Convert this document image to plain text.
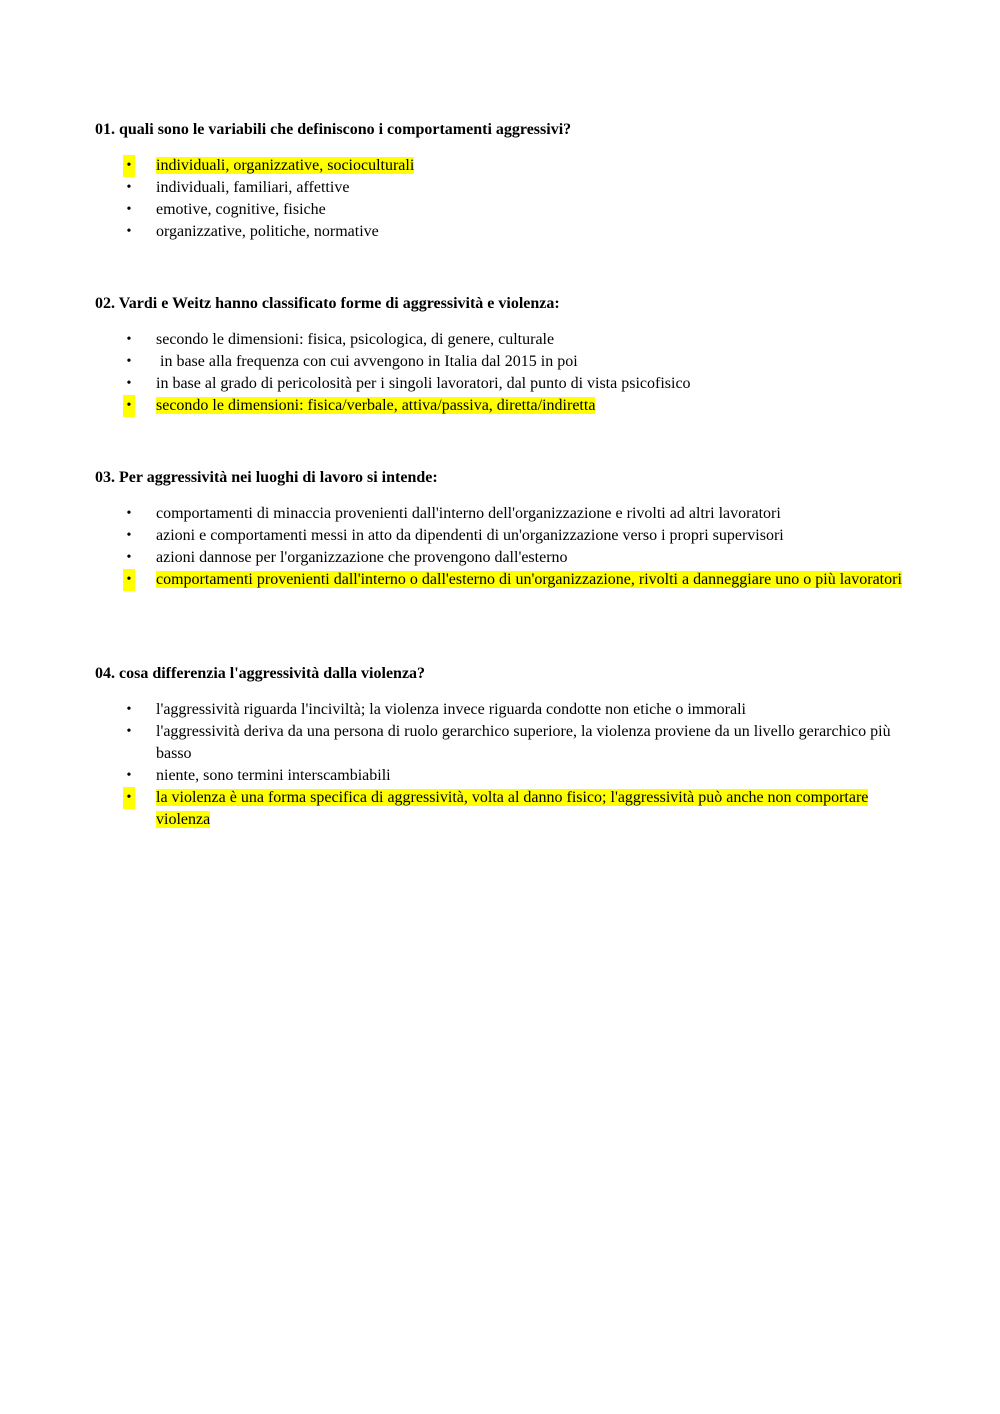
01. quali sono le variabili che definiscono i comportamenti aggressivi?

• individuali, organizzative, socioculturali
• individuali, familiari, affettive
• emotive, cognitive, fisiche
• organizzative, politiche, normative

02. Vardi e Weitz hanno classificato forme di aggressività e violenza:

• secondo le dimensioni: fisica, psicologica, di genere, culturale
• in base alla frequenza con cui avvengono in Italia dal 2015 in poi
• in base al grado di pericolosità per i singoli lavoratori, dal punto di vista psicofisico
• secondo le dimensioni: fisica/verbale, attiva/passiva, diretta/indiretta

03. Per aggressività nei luoghi di lavoro si intende:

• comportamenti di minaccia provenienti dall'interno dell'organizzazione e rivolti ad altri lavoratori
• azioni e comportamenti messi in atto da dipendenti di un'organizzazione verso i propri supervisori
• azioni dannose per l'organizzazione che provengono dall'esterno
• comportamenti provenienti dall'interno o dall'esterno di un'organizzazione, rivolti a danneggiare uno o più lavoratori

04. cosa differenzia l'aggressività dalla violenza?

• l'aggressività riguarda l'inciviltà; la violenza invece riguarda condotte non etiche o immorali
• l'aggressività deriva da una persona di ruolo gerarchico superiore, la violenza proviene da un livello gerarchico più basso
• niente, sono termini interscambiabili
• la violenza è una forma specifica di aggressività, volta al danno fisico; l'aggressività può anche non comportare violenza
